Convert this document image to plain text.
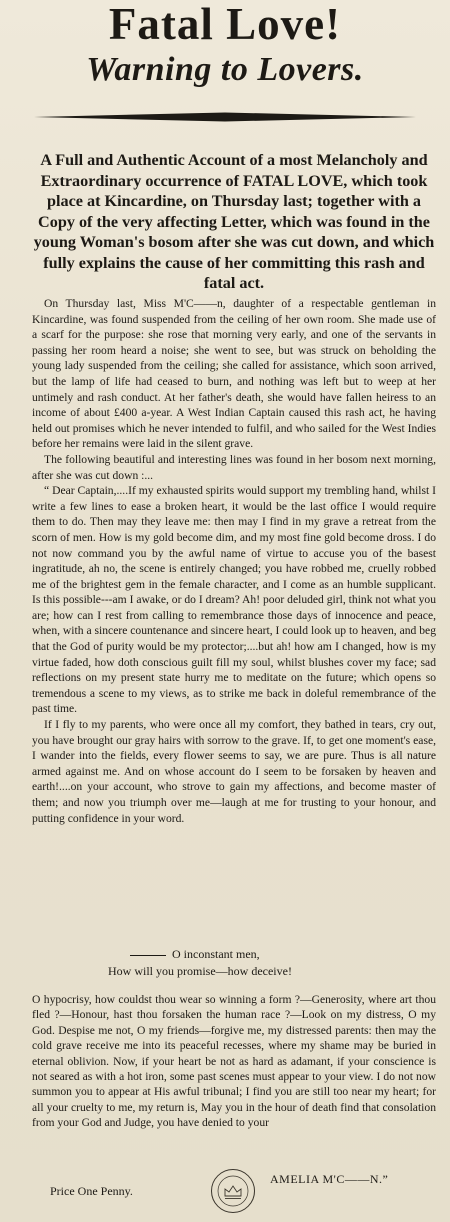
Fatal Love!
Warning to Lovers.

A Full and Authentic Account of a most Melancholy and Extraordinary occurrence of FATAL LOVE, which took place at Kincardine, on Thursday last; together with a Copy of the very affecting Letter, which was found in the young Woman's bosom after she was cut down, and which fully explains the cause of her committing this rash and fatal act.

On Thursday last, Miss M'C——n, daughter of a respectable gentleman in Kincardine, was found suspended from the ceiling of her own room. She made use of a scarf for the purpose: she rose that morning very early, and one of the servants in passing her room heard a noise; she went to see, but was struck on beholding the young lady suspended from the ceiling; she called for assistance, which soon arrived, but the lamp of life had ceased to burn, and nothing was left but to weep at her untimely and rash conduct. At her father's death, she would have fallen heiress to an income of about £400 a-year. A West Indian Captain caused this rash act, he having held out promises which he never intended to fulfil, and who sailed for the West Indies before her remains were laid in the silent grave.

The following beautiful and interesting lines was found in her bosom next morning, after she was cut down :...

“ Dear Captain,....If my exhausted spirits would support my trembling hand, whilst I write a few lines to ease a broken heart, it would be the last office I would require them to do. Then may they leave me: then may I find in my grave a retreat from the scorn of men. How is my gold become dim, and my most fine gold become dross. I do not now command you by the awful name of virtue to accuse you of the basest ingratitude, ah no, the scene is entirely changed; you have robbed me, cruelly robbed me of the brightest gem in the female character, and I come as an humble supplicant. Is this possible---am I awake, or do I dream? Ah! poor deluded girl, think not what you are; how can I rest from calling to remembrance those days of innocence and peace, when, with a sincere countenance and sincere heart, I could look up to heaven, and beg that the God of purity would be my protector;....but ah! how am I changed, how is my virtue faded, how doth conscious guilt fill my soul, whilst blushes cover my face; sad reflections on my present state hurry me to meditate on the future; which opens so tremendous a scene to my views, as to strike me back in doleful remembrance of the past time.

If I fly to my parents, who were once all my comfort, they bathed in tears, cry out, you have brought our gray hairs with sorrow to the grave. If, to get one moment's ease, I wander into the fields, every flower seems to say, we are pure. Thus is all nature armed against me. And on whose account do I seem to be forsaken by heaven and earth!....on your account, who strove to gain my affections, and become master of them; and now you triumph over me—laugh at me for trusting to your honour, and putting confidence in your word.

O inconstant men,
How will you promise—how deceive!

O hypocrisy, how couldst thou wear so winning a form ?—Generosity, where art thou fled ?—Honour, hast thou forsaken the human race ?—Look on my distress, O my God. Despise me not, O my friends—forgive me, my distressed parents: then may the cold grave receive me into its peaceful recesses, where my shame may be buried in eternal oblivion. Now, if your heart be not as hard as adamant, if your conscience is not seared as with a hot iron, some past scenes must appear to your view. I do not now summon you to appear at His awful tribunal; I find you are still too near my heart; for all your cruelty to me, my return is, May you in the hour of death find that consolation from your God and Judge, you have denied to your

Price One Penny.
AMELIA M'C——N.”
